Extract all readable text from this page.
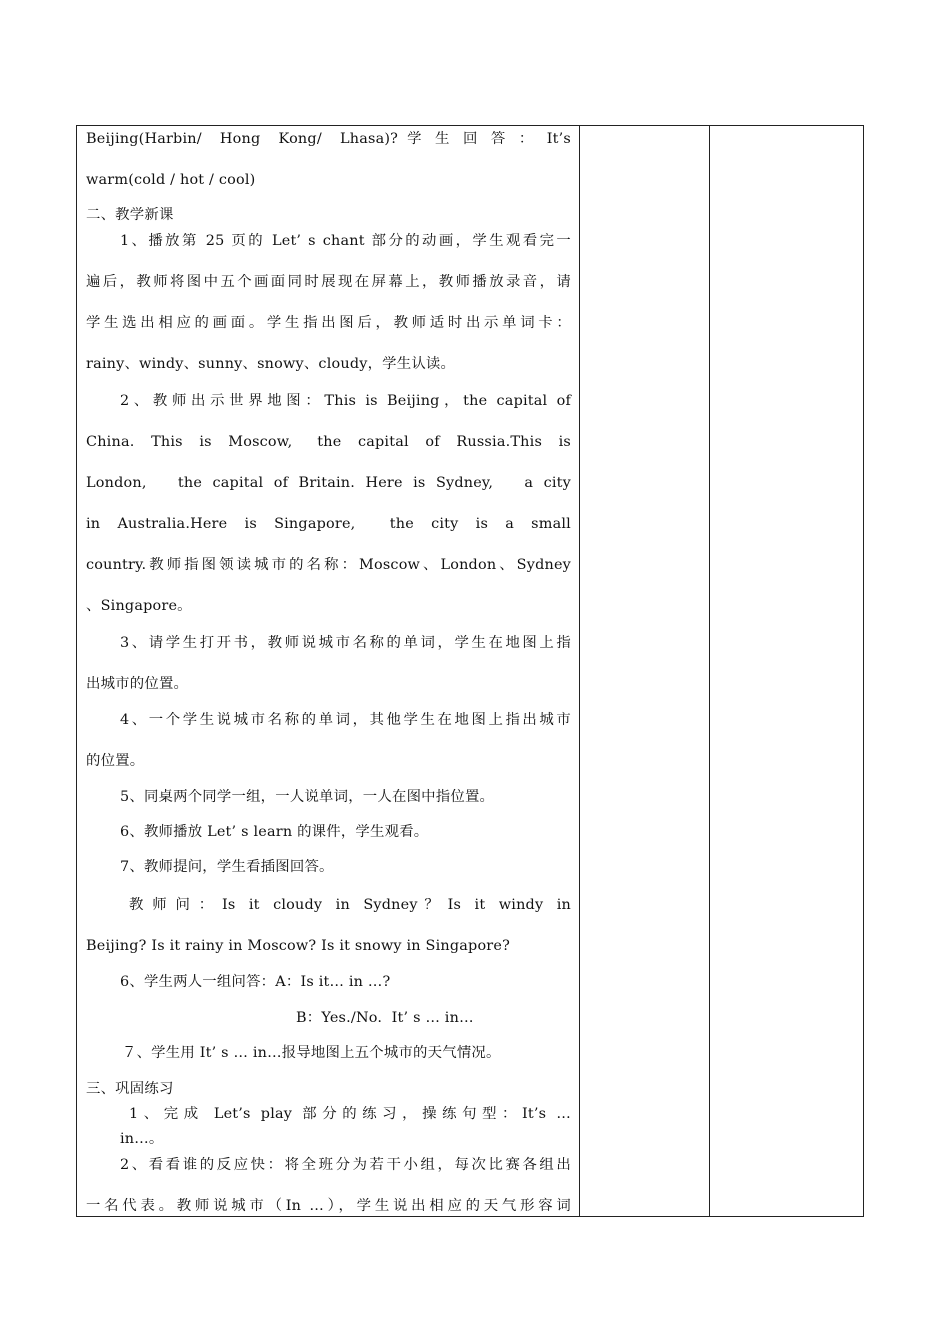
Beijing(Harbin/  Hong  Kong/  Lhasa)? 学 生 回 答 ： It’s
warm(cold / hot / cool)
二、教学新课
1、播放第 25 页的 Let’ s chant 部分的动画，学生观看完一
遍后，教师将图中五个画面同时展现在屏幕上，教师播放录音，请
学生选出相应的画面。学生指出图后，教师适时出示单词卡：
rainy、windy、sunny、snowy、cloudy，学生认读。
2、教师出示世界地图：This is Beijing，the capital of
China.  This  is  Moscow,   the  capital  of  Russia.This  is
London,   the capital of Britain. Here is Sydney,   a city
in  Australia.Here  is  Singapore,    the  city  is  a  small
country.教师指图领读城市的名称：Moscow、London、Sydney
、Singapore。
3、请学生打开书，教师说城市名称的单词，学生在地图上指
出城市的位置。
4、一个学生说城市名称的单词，其他学生在地图上指出城市
的位置。
5、同桌两个同学一组，一人说单词，一人在图中指位置。
6、教师播放 Let’ s learn 的课件，学生观看。
7、教师提问，学生看插图回答。
教 师 问 ： Is  it  cloudy  in  Sydney ？ Is  it  windy  in
Beijing? Is it rainy in Moscow? Is it snowy in Singapore?
6、学生两人一组问答：A：Is it… in …?
B：Yes./No.  It’ s … in…
７、学生用 It’ s … in…报导地图上五个城市的天气情况。
三、巩固练习
1、完成 Let’s play 部分的练习，操练句型：It’s …
in…。
2、看看谁的反应快：将全班分为若干小组，每次比赛各组出
一名代表。教师说城市（In …），学生说出相应的天气形容词
